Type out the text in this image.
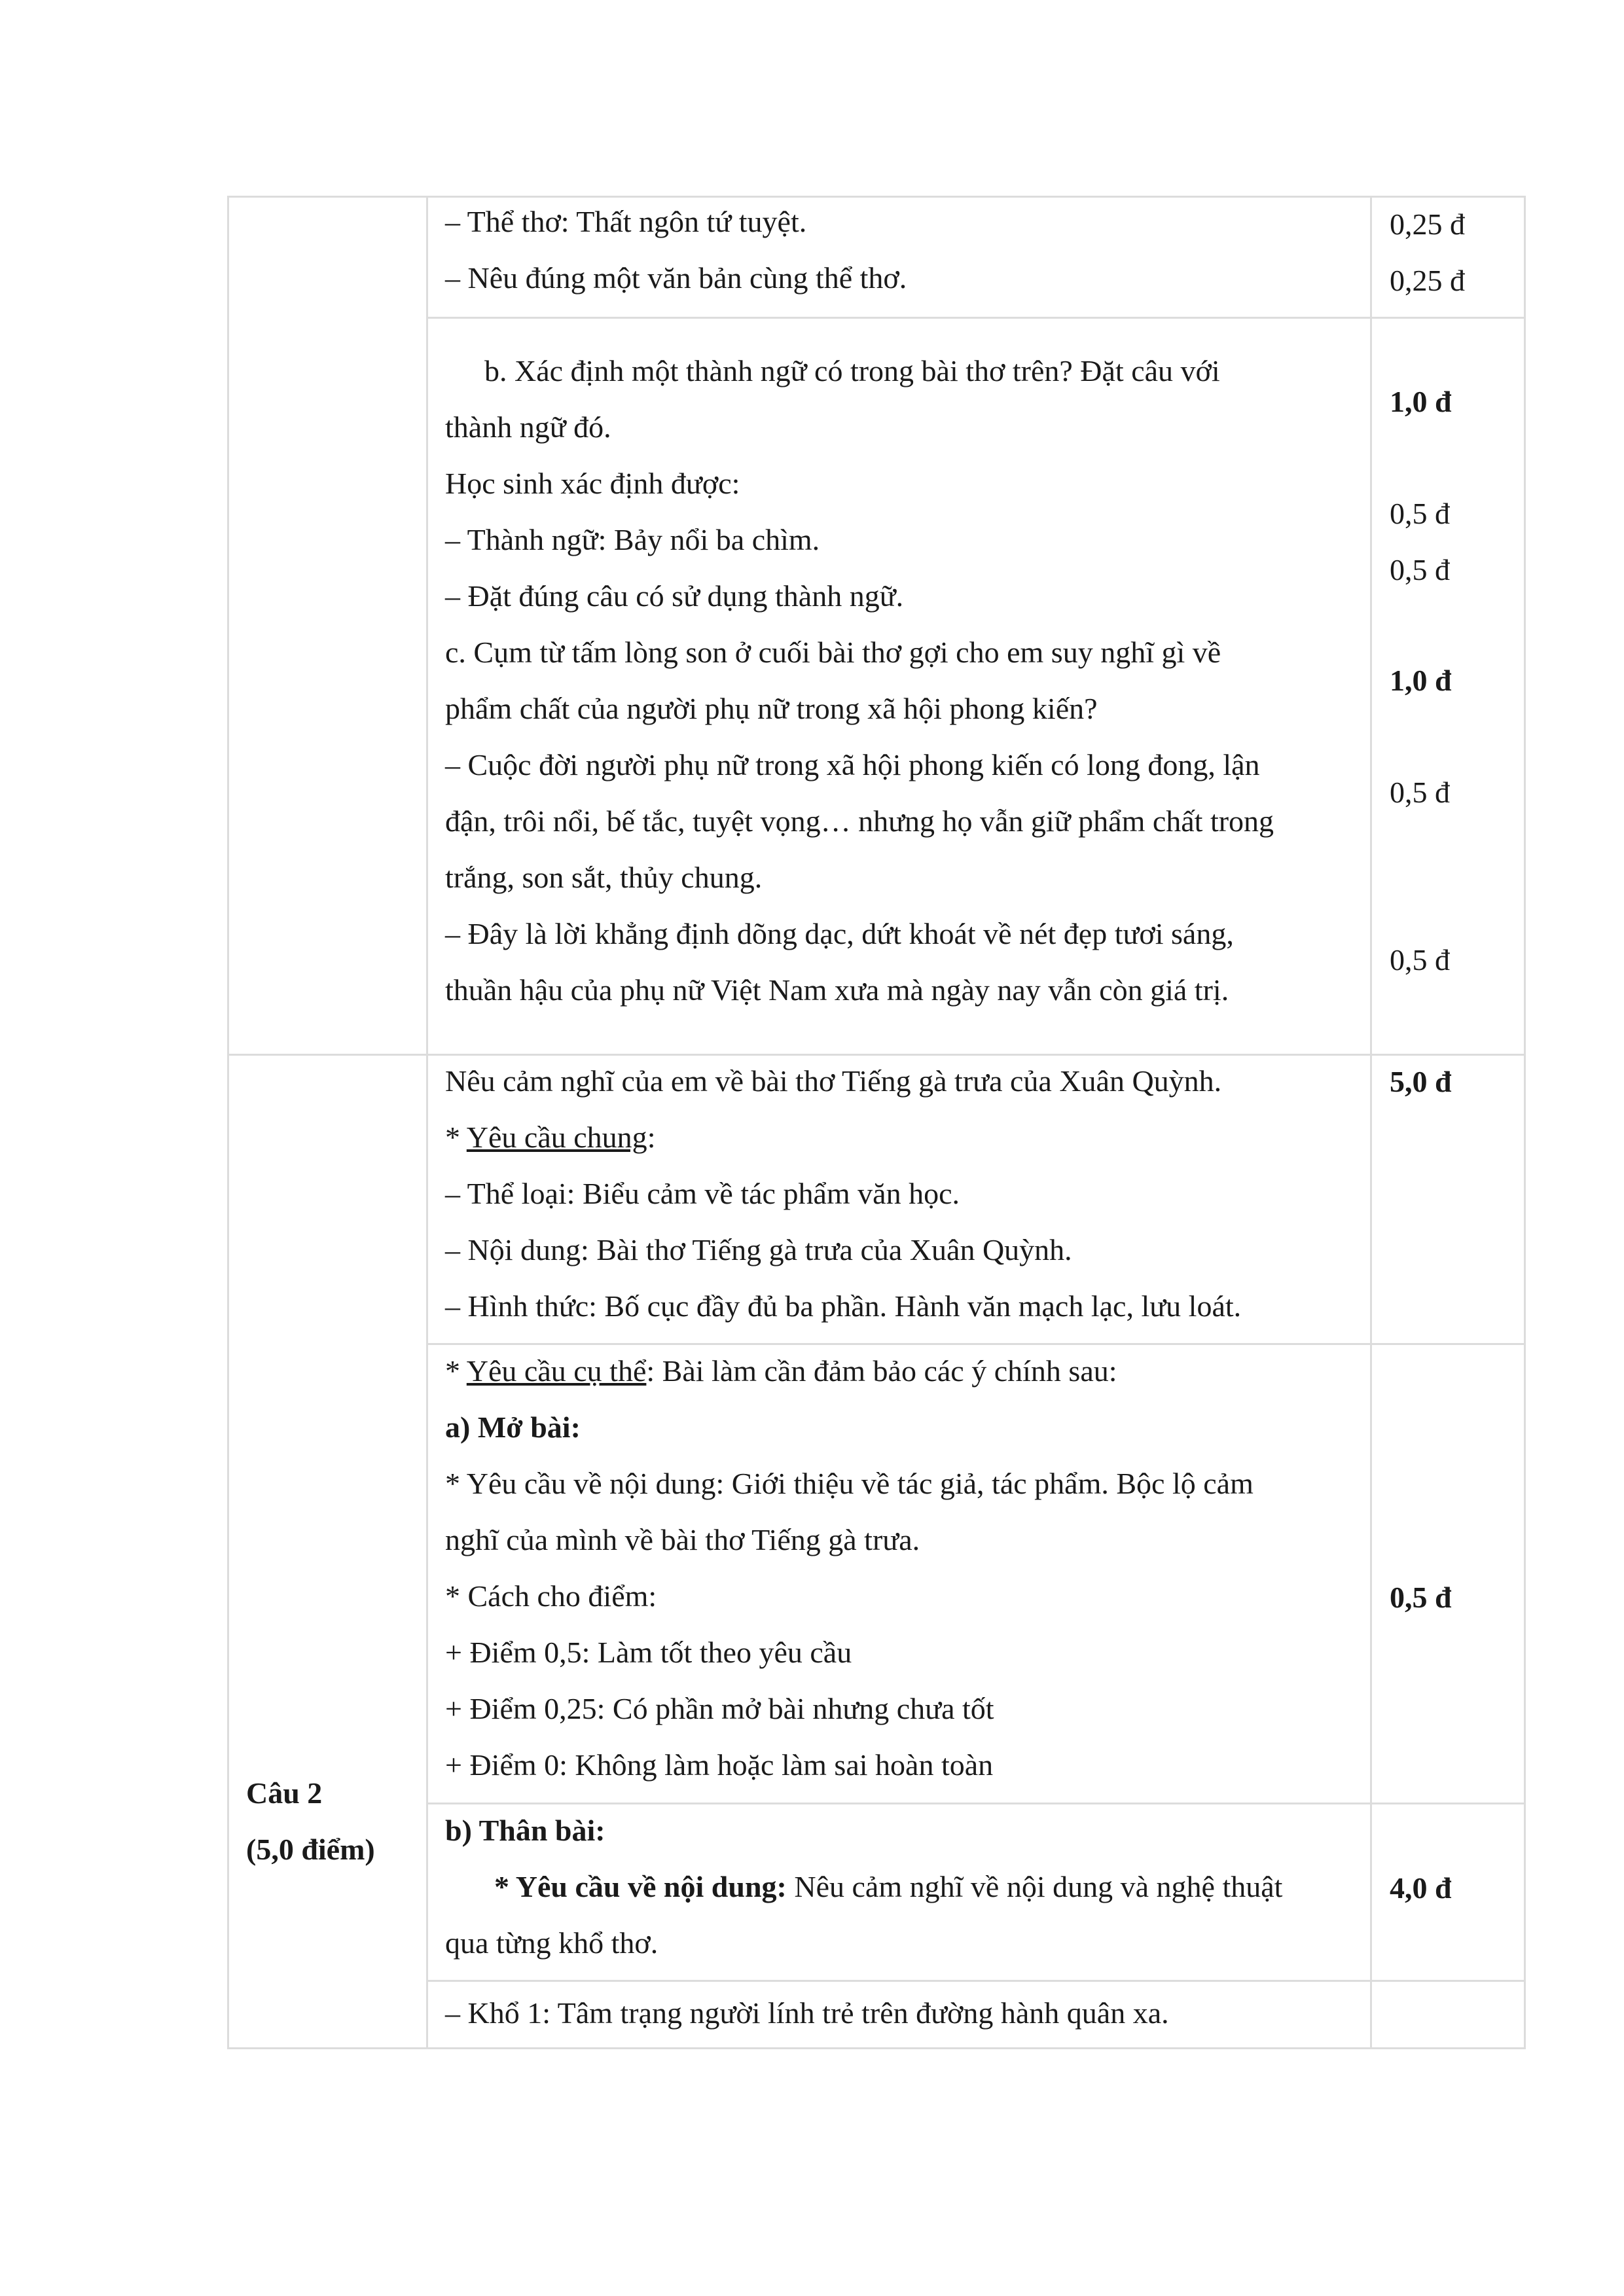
– Thể thơ: Thất ngôn tứ tuyệt.
– Nêu đúng một văn bản cùng thể thơ.
0,25 đ
0,25 đ
b. Xác định một thành ngữ có trong bài thơ trên? Đặt câu với
thành ngữ đó.
Học sinh xác định được:
– Thành ngữ: Bảy nổi ba chìm.
– Đặt đúng câu có sử dụng thành ngữ.
c. Cụm từ tấm lòng son ở cuối bài thơ gợi cho em suy nghĩ gì về
phẩm chất của người phụ nữ trong xã hội phong kiến?
– Cuộc đời người phụ nữ trong xã hội phong kiến có long đong, lận
đận, trôi nổi, bế tắc, tuyệt vọng… nhưng họ vẫn giữ phẩm chất trong
trắng, son sắt, thủy chung.
– Đây là lời khẳng định dõng dạc, dứt khoát về nét đẹp tươi sáng,
thuần hậu của phụ nữ Việt Nam xưa mà ngày nay vẫn còn giá trị.
1,0 đ
0,5 đ
0,5 đ
1,0 đ
0,5 đ
0,5 đ
Nêu cảm nghĩ của em về bài thơ Tiếng gà trưa của Xuân Quỳnh.
* Yêu cầu chung:
– Thể loại: Biểu cảm về tác phẩm văn học.
– Nội dung: Bài thơ Tiếng gà trưa của Xuân Quỳnh.
– Hình thức: Bố cục đầy đủ ba phần. Hành văn mạch lạc, lưu loát.
5,0 đ
* Yêu cầu cụ thể: Bài làm cần đảm bảo các ý chính sau:
a) Mở bài:
* Yêu cầu về nội dung: Giới thiệu về tác giả, tác phẩm. Bộc lộ cảm
nghĩ của mình về bài thơ Tiếng gà trưa.
* Cách cho điểm:
+ Điểm 0,5: Làm tốt theo yêu cầu
+ Điểm 0,25: Có phần mở bài nhưng chưa tốt
+ Điểm 0: Không làm hoặc làm sai hoàn toàn
0,5 đ
Câu 2
(5,0 điểm)
b) Thân bài:
* Yêu cầu về nội dung: Nêu cảm nghĩ về nội dung và nghệ thuật
qua từng khổ thơ.
4,0 đ
– Khổ 1: Tâm trạng người lính trẻ trên đường hành quân xa.
